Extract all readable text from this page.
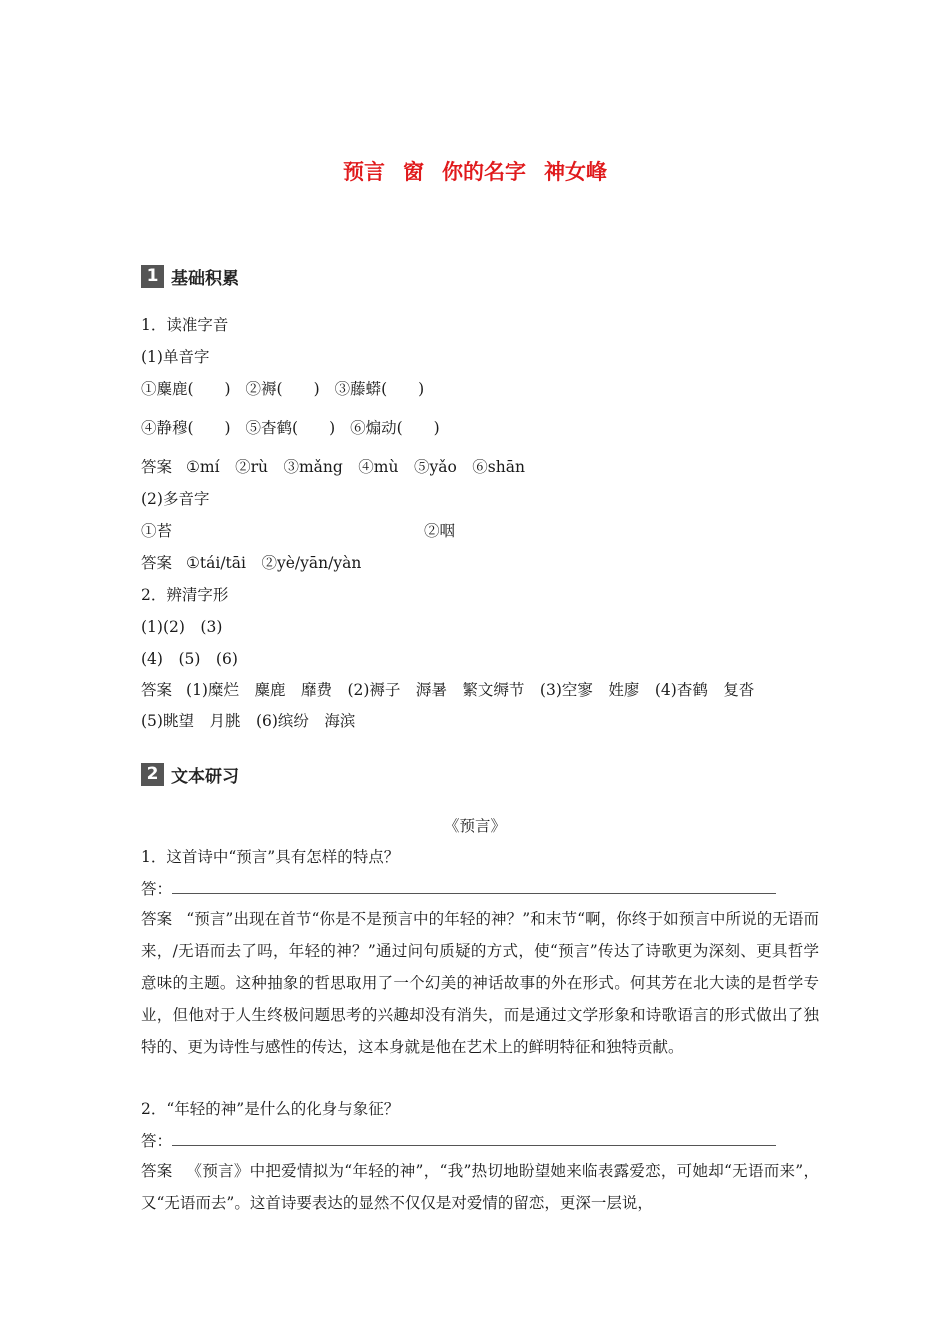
预言 窗 你的名字 神女峰
1 基础积累
1．读准字音
(1)单音字
①麋鹿(　　) ②褥(　　) ③藤蟒(　　)
④静穆(　　) ⑤杳鹤(　　) ⑥煽动(　　)
答案 ①mí　②rù　③mǎng　④mù　⑤yǎo　⑥shān
(2)多音字
①苔	②咽
答案 ①tái/tāi　②yè/yān/yàn
2．辨清字形
(1)(2)　(3)
(4)　(5)　(6)
答案 (1)糜烂　麋鹿　靡费　(2)褥子　溽暑　繁文缛节　(3)空寥　姓廖　(4)杳鹤　复沓
(5)眺望　月朓　(6)缤纷　海滨
2 文本研习
《预言》
1．这首诗中“预言”具有怎样的特点？
答：
答案 “预言”出现在首节“你是不是预言中的年轻的神？”和末节“啊，你终于如预言中所说的无语而来，/无语而去了吗，年轻的神？”通过问句质疑的方式，使“预言”传达了诗歌更为深刻、更具哲学意味的主题。这种抽象的哲思取用了一个幻美的神话故事的外在形式。何其芳在北大读的是哲学专业，但他对于人生终极问题思考的兴趣却没有消失，而是通过文学形象和诗歌语言的形式做出了独特的、更为诗性与感性的传达，这本身就是他在艺术上的鲜明特征和独特贡献。
2．“年轻的神”是什么的化身与象征？
答：
答案 《预言》中把爱情拟为“年轻的神”，“我”热切地盼望她来临表露爱恋，可她却“无语而来”，又“无语而去”。这首诗要表达的显然不仅仅是对爱情的留恋，更深一层说，
